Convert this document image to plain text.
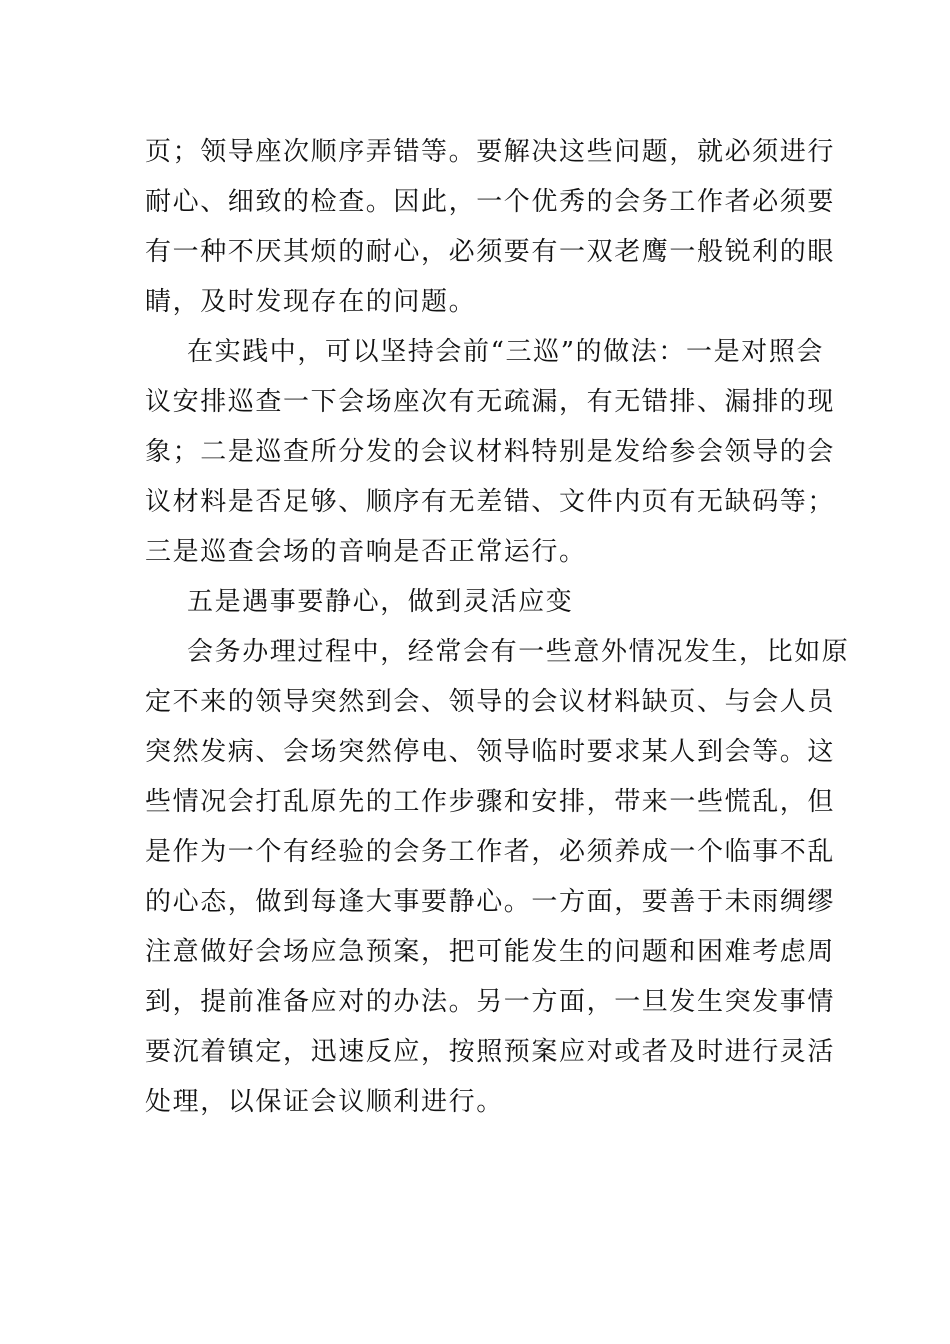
页；领导座次顺序弄错等。要解决这些问题，就必须进行
耐心、细致的检查。因此，一个优秀的会务工作者必须要
有一种不厌其烦的耐心，必须要有一双老鹰一般锐利的眼
睛，及时发现存在的问题。
在实践中，可以坚持会前“三巡”的做法：一是对照会
议安排巡查一下会场座次有无疏漏，有无错排、漏排的现
象；二是巡查所分发的会议材料特别是发给参会领导的会
议材料是否足够、顺序有无差错、文件内页有无缺码等；
三是巡查会场的音响是否正常运行。
五是遇事要静心，做到灵活应变
会务办理过程中，经常会有一些意外情况发生，比如原
定不来的领导突然到会、领导的会议材料缺页、与会人员
突然发病、会场突然停电、领导临时要求某人到会等。这
些情况会打乱原先的工作步骤和安排，带来一些慌乱，但
是作为一个有经验的会务工作者，必须养成一个临事不乱
的心态，做到每逢大事要静心。一方面，要善于未雨绸缪
注意做好会场应急预案，把可能发生的问题和困难考虑周
到，提前准备应对的办法。另一方面，一旦发生突发事情
要沉着镇定，迅速反应，按照预案应对或者及时进行灵活
处理，以保证会议顺利进行。
